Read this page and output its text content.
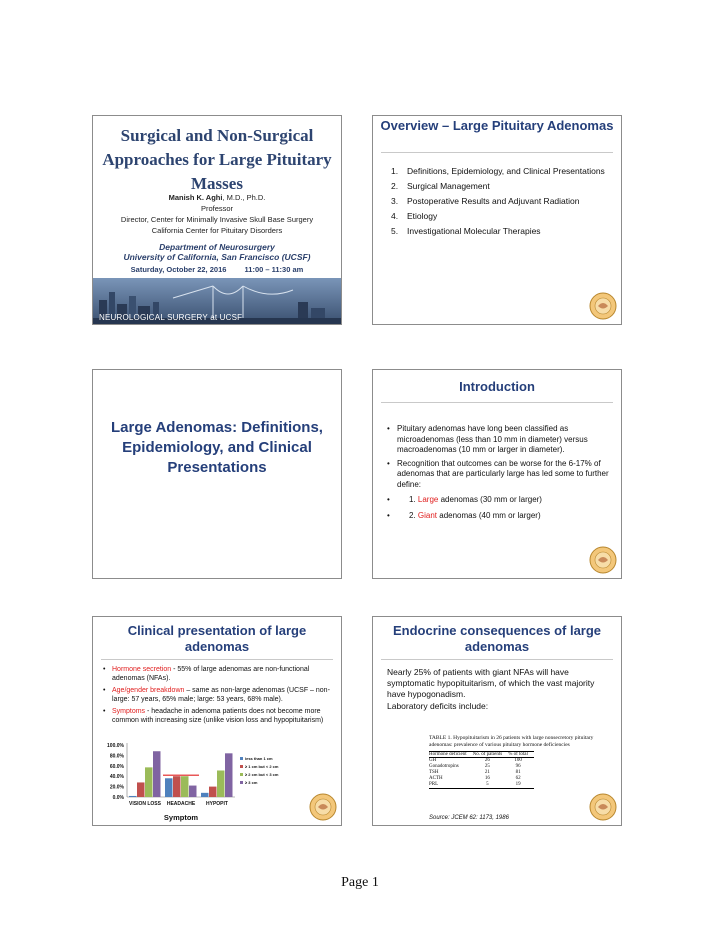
Surgical and Non-Surgical Approaches for Large Pituitary Masses
Manish K. Aghi, M.D., Ph.D.
Professor
Director, Center for Minimally Invasive Skull Base Surgery
California Center for Pituitary Disorders
Department of Neurosurgery
University of California, San Francisco (UCSF)
Saturday, October 22, 2016 11:00 – 11:30 am
NEUROLOGICAL SURGERY at UCSF
Overview – Large Pituitary Adenomas
1.	Definitions, Epidemiology, and Clinical Presentations
2.	Surgical Management
3.	Postoperative Results and Adjuvant Radiation
4.	Etiology
5.	Investigational Molecular Therapies
Large Adenomas: Definitions, Epidemiology, and Clinical Presentations
Introduction
• Pituitary adenomas have long been classified as microadenomas (less than 10 mm in diameter) versus macroadenomas (10 mm or larger in diameter).
• Recognition that outcomes can be worse for the 6-17% of adenomas that are particularly large has led some to further define:
• 1. Large adenomas (30 mm or larger)
• 2. Giant adenomas (40 mm or larger)
Clinical presentation of large adenomas
• Hormone secretion - 55% of large adenomas are non-functional adenomas (NFAs).
• Age/gender breakdown – same as non-large adenomas (UCSF – non-large: 57 years, 65% male; large: 53 years, 68% male).
• Symptoms - headache in adenoma patients does not become more common with increasing size (unlike vision loss and hypopituitarism)
0.0%
20.0%
40.0%
60.0%
80.0%
100.0%
VISION LOSS HEADACHE HYPOPIT
less than 1 cm
≥ 1 cm but < 2 cm
≥ 2 cm but < 3 cm
≥ 3 cm
Symptom
Endocrine consequences of large adenomas
Nearly 25% of patients with giant NFAs will have symptomatic hypopituitarism, of which the vast majority have hypogonadism.
Laboratory deficits include:
TABLE 1. Hypopituitarism in 26 patients with large nonsecretory pituitary adenomas: prevalence of various pituitary hormone deficiencies
Hormone deficient	No. of patients	% of total
GH	26	100
Gonadotropins	25	96
TSH	21	81
ACTH	16	62
PRL	5	19
Source: JCEM 62: 1173, 1986
Page 1
